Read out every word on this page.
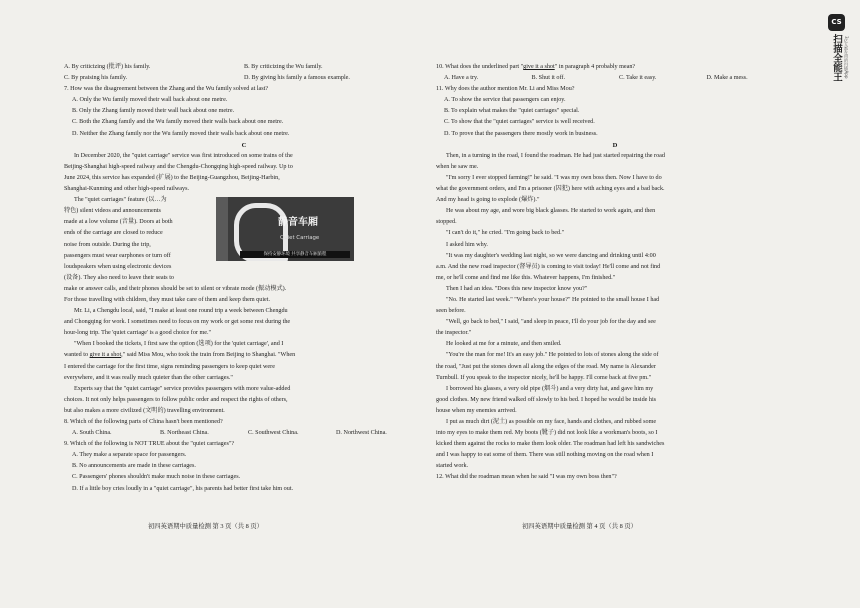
A. By criticizing (批评) his family.	B. By criticizing the Wu family.
C. By praising his family.	D. By giving his family a famous example.
7. How was the disagreement between the Zhang and the Wu family solved at last?
A. Only the Wu family moved their wall back about one metre.
B. Only the Zhang family moved their wall back about one metre.
C. Both the Zhang family and the Wu family moved their walls back about one metre.
D. Neither the Zhang family nor the Wu family moved their walls back about one metre.
C
In December 2020, the "quiet carriage" service was first introduced on some trains of the
Beijing-Shanghai high-speed railway and the Chengdu-Chongqing high-speed railway. Up to
June 2024, this service has expanded (扩展) to the Beijing-Guangzhou, Beijing-Harbin,
Shanghai-Kunming and other high-speed railways.
The "quiet carriages" feature (以…为
特色) silent videos and announcements
made at a low volume (音量). Doors at both
ends of the carriage are closed to reduce
noise from outside. During the trip,
passengers must wear earphones or turn off
loudspeakers when using electronic devices
(设备). They also need to leave their seats to
静音车厢
Quiet Carriage
保持安静环境 共享静音车厢旅程
make or answer calls, and their phones should be set to silent or vibrate mode (振动模式).
For those travelling with children, they must take care of them and keep them quiet.
Mr. Li, a Chengdu local, said, "I make at least one round trip a week between Chengdu
and Chongqing for work. I sometimes need to focus on my work or get some rest during the
hour-long trip. The 'quiet carriage' is a good choice for me."
"When I booked the tickets, I first saw the option (选项) for the 'quiet carriage', and I
wanted to give it a shot," said Miss Mou, who took the train from Beijing to Shanghai. "When
I entered the carriage for the first time, signs reminding passengers to keep quiet were
everywhere, and it was really much quieter than the other carriages."
Experts say that the "quiet carriage" service provides passengers with more value-added
choices. It not only helps passengers to follow public order and respect the rights of others,
but also makes a more civilized (文明的) travelling environment.
8. Which of the following parts of China hasn't been mentioned?
A. South China.	B. Northeast China.	C. Southwest China.	D. Northwest China.
9. Which of the following is NOT TRUE about the "quiet carriages"?
A. They make a separate space for passengers.
B. No announcements are made in these carriages.
C. Passengers' phones shouldn't make much noise in these carriages.
D. If a little boy cries loudly in a "quiet carriage", his parents had better first take him out.
初四英语期中质量检测 第 3 页（共 8 页）
10. What does the underlined part "give it a shot" in paragraph 4 probably mean?
A. Have a try.	B. Shut it off.	C. Take it easy.	D. Make a mess.
11. Why does the author mention Mr. Li and Miss Mou?
A. To show the service that passengers can enjoy.
B. To explain what makes the "quiet carriages" special.
C. To show that the "quiet carriages" service is well received.
D. To prove that the passengers there mostly work in business.
D
Then, in a turning in the road, I found the roadman. He had just started repairing the road
when he saw me.
"I'm sorry I ever stopped farming!" he said. "I was my own boss then. Now I have to do
what the government orders, and I'm a prisoner (囚犯) here with aching eyes and a bad back.
And my head is going to explode (爆炸)."
He was about my age, and wore big black glasses. He started to work again, and then
stopped.
"I can't do it," he cried. "I'm going back to bed."
I asked him why.
"It was my daughter's wedding last night, so we were dancing and drinking until 4:00
a.m. And the new road inspector (督导员) is coming to visit today! He'll come and not find
me, or he'll come and find me like this. Whatever happens, I'm finished."
Then I had an idea. "Does this new inspector know you?"
"No. He started last week." "Where's your house?" He pointed to the small house I had
seen before.
"Well, go back to bed," I said, "and sleep in peace, I'll do your job for the day and see
the inspector."
He looked at me for a minute, and then smiled.
"You're the man for me! It's an easy job." He pointed to lots of stones along the side of
the road, "Just put the stones down all along the edges of the road. My name is Alexander
Turnbull. If you speak to the inspector nicely, he'll be happy. I'll come back at five pm."
I borrowed his glasses, a very old pipe (烟斗) and a very dirty hat, and gave him my
good clothes. My new friend walked off slowly to his bed. I hoped he would be inside his
house when my enemies arrived.
I put as much dirt (泥土) as possible on my face, hands and clothes, and rubbed some
into my eyes to make them red. My boots (靴子) did not look like a workman's boots, so I
kicked them against the rocks to make them look older. The roadman had left his sandwiches
and I was happy to eat some of them. There was still nothing moving on the road when I
started work.
12. What did the roadman mean when he said "I was my own boss then"?
初四英语期中质量检测 第 4 页（共 8 页）
CS
扫描全能王 3亿人都在用的扫描App
